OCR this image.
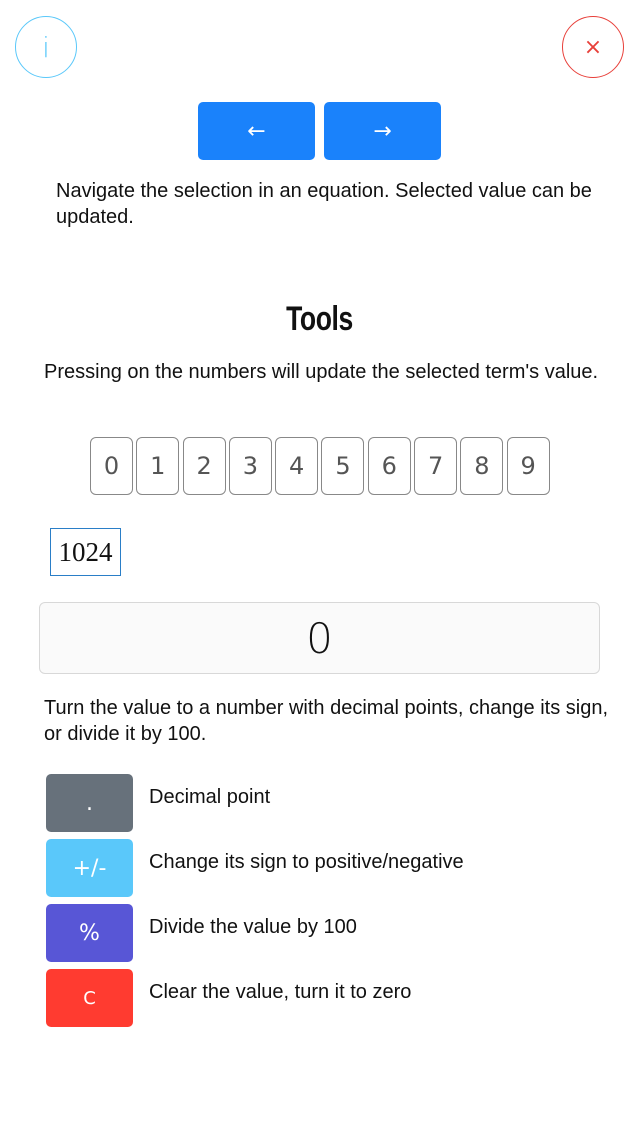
i	×
←	→

Navigate the selection in an equation. Selected value can be updated.

Tools

Pressing on the numbers will update the selected term's value.

0	1	2	3	4	5	6	7	8	9
1024
0

Turn the value to a number with decimal points, change its sign, or divide it by 100.

.	Decimal point
+/-	Change its sign to positive/negative
%	Divide the value by 100
C	Clear the value, turn it to zero
